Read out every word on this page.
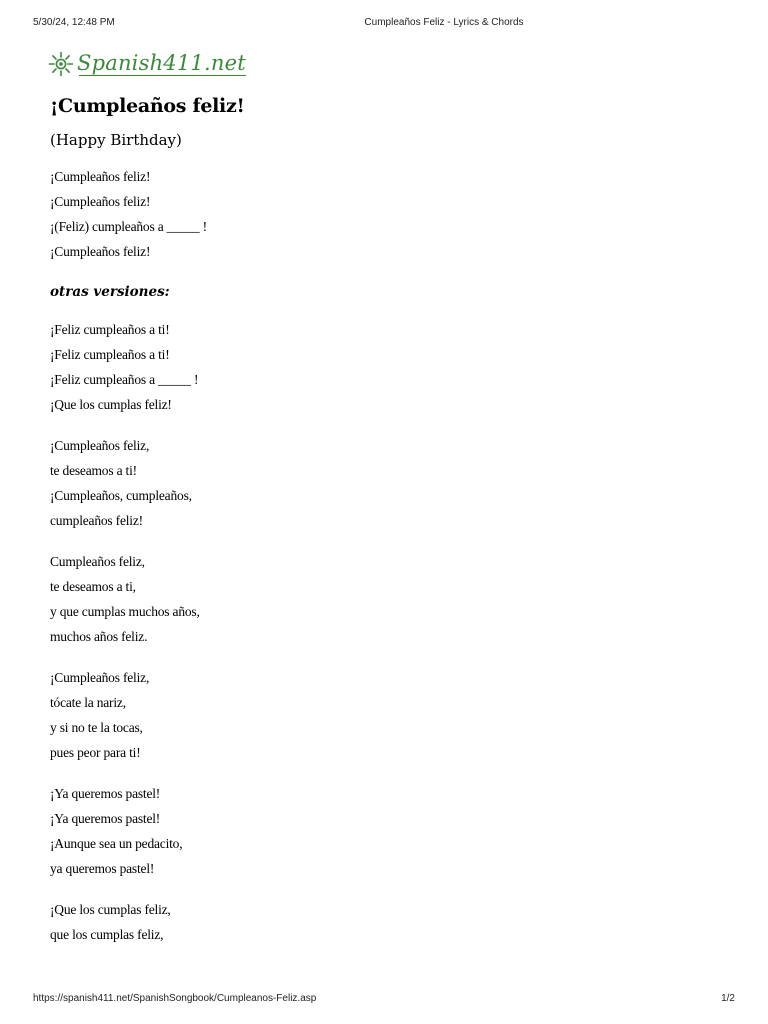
5/30/24, 12:48 PM	Cumpleaños Feliz - Lyrics & Chords
Spanish411.net
¡Cumpleaños feliz!

(Happy Birthday)

¡Cumpleaños feliz!
¡Cumpleaños feliz!
¡(Feliz) cumpleaños a _____ !
¡Cumpleaños feliz!

otras versiones:

¡Feliz cumpleaños a ti!
¡Feliz cumpleaños a ti!
¡Feliz cumpleaños a _____ !
¡Que los cumplas feliz!
¡Cumpleaños feliz,
te deseamos a ti!
¡Cumpleaños, cumpleaños,
cumpleaños feliz!
Cumpleaños feliz,
te deseamos a ti,
y que cumplas muchos años,
muchos años feliz.
¡Cumpleaños feliz,
tócate la nariz,
y si no te la tocas,
pues peor para ti!
¡Ya queremos pastel!
¡Ya queremos pastel!
¡Aunque sea un pedacito,
ya queremos pastel!
¡Que los cumplas feliz,
que los cumplas feliz,
https://spanish411.net/SpanishSongbook/Cumpleanos-Feliz.asp	1/2
